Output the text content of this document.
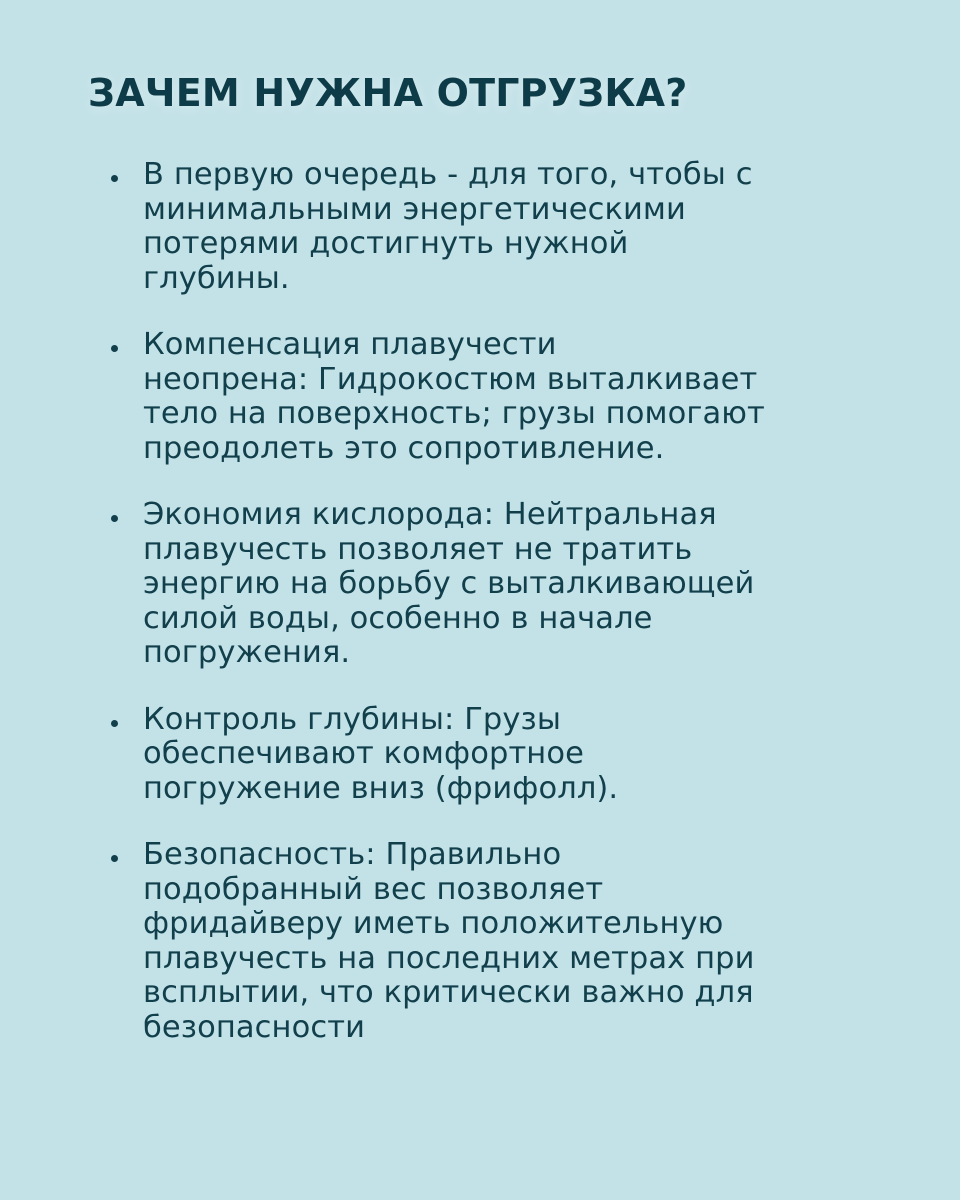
ЗАЧЕМ НУЖНА ОТГРУЗКА?
В первую очередь - для того, чтобы с
минимальными энергетическими
потерями достигнуть нужной
глубины.
Компенсация плавучести
неопрена: Гидрокостюм выталкивает
тело на поверхность; грузы помогают
преодолеть это сопротивление.
Экономия кислорода: Нейтральная
плавучесть позволяет не тратить
энергию на борьбу с выталкивающей
силой воды, особенно в начале
погружения.
Контроль глубины: Грузы
обеспечивают комфортное
погружение вниз (фрифолл).
Безопасность: Правильно
подобранный вес позволяет
фридайверу иметь положительную
плавучесть на последних метрах при
всплытии, что критически важно для
безопасности
